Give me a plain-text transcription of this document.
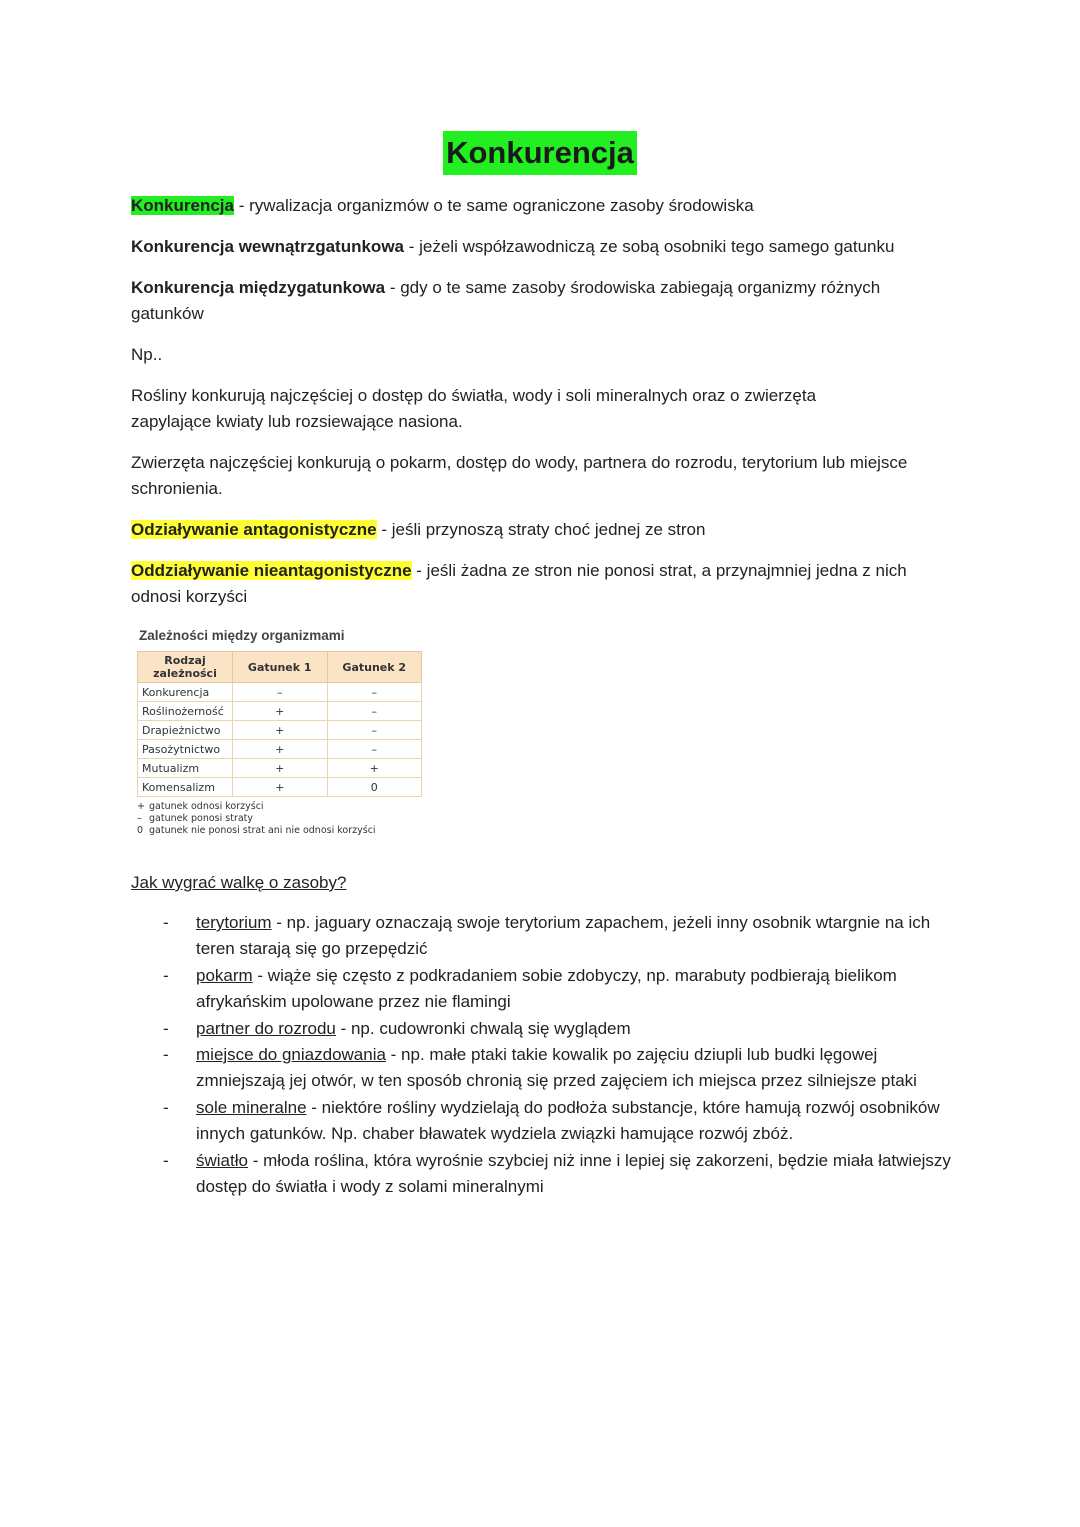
Konkurencja

Konkurencja - rywalizacja organizmów o te same ograniczone zasoby środowiska

Konkurencja wewnątrzgatunkowa - jeżeli współzawodniczą ze sobą osobniki tego samego gatunku

Konkurencja międzygatunkowa - gdy o te same zasoby środowiska zabiegają organizmy różnych gatunków

Np..

Rośliny konkurują najczęściej o dostęp do światła, wody i soli mineralnych oraz o zwierzęta zapylające kwiaty lub rozsiewające nasiona.

Zwierzęta najczęściej konkurują o pokarm, dostęp do wody, partnera do rozrodu, terytorium lub miejsce schronienia.

Odziaływanie antagonistyczne - jeśli przynoszą straty choć jednej ze stron

Oddziaływanie nieantagonistyczne - jeśli żadna ze stron nie ponosi strat, a przynajmniej jedna z nich odnosi korzyści

Zależności między organizmami
Rodzaj zależności	Gatunek 1	Gatunek 2
Konkurencja	–	–
Roślinożerność	+	–
Drapieżnictwo	+	–
Pasożytnictwo	+	–
Mutualizm	+	+
Komensalizm	+	0
+ gatunek odnosi korzyści
– gatunek ponosi straty
0 gatunek nie ponosi strat ani nie odnosi korzyści

Jak wygrać walkę o zasoby?

- terytorium - np. jaguary oznaczają swoje terytorium zapachem, jeżeli inny osobnik wtargnie na ich teren starają się go przepędzić
- pokarm - wiąże się często z podkradaniem sobie zdobyczy, np. marabuty podbierają bielikom afrykańskim upolowane przez nie flamingi
- partner do rozrodu - np. cudowronki chwalą się wyglądem
- miejsce do gniazdowania - np. małe ptaki takie kowalik po zajęciu dziupli lub budki lęgowej zmniejszają jej otwór, w ten sposób chronią się przed zajęciem ich miejsca przez silniejsze ptaki
- sole mineralne - niektóre rośliny wydzielają do podłoża substancje, które hamują rozwój osobników innych gatunków. Np. chaber bławatek wydziela związki hamujące rozwój zbóż.
- światło - młoda roślina, która wyrośnie szybciej niż inne i lepiej się zakorzeni, będzie miała łatwiejszy dostęp do światła i wody z solami mineralnymi
